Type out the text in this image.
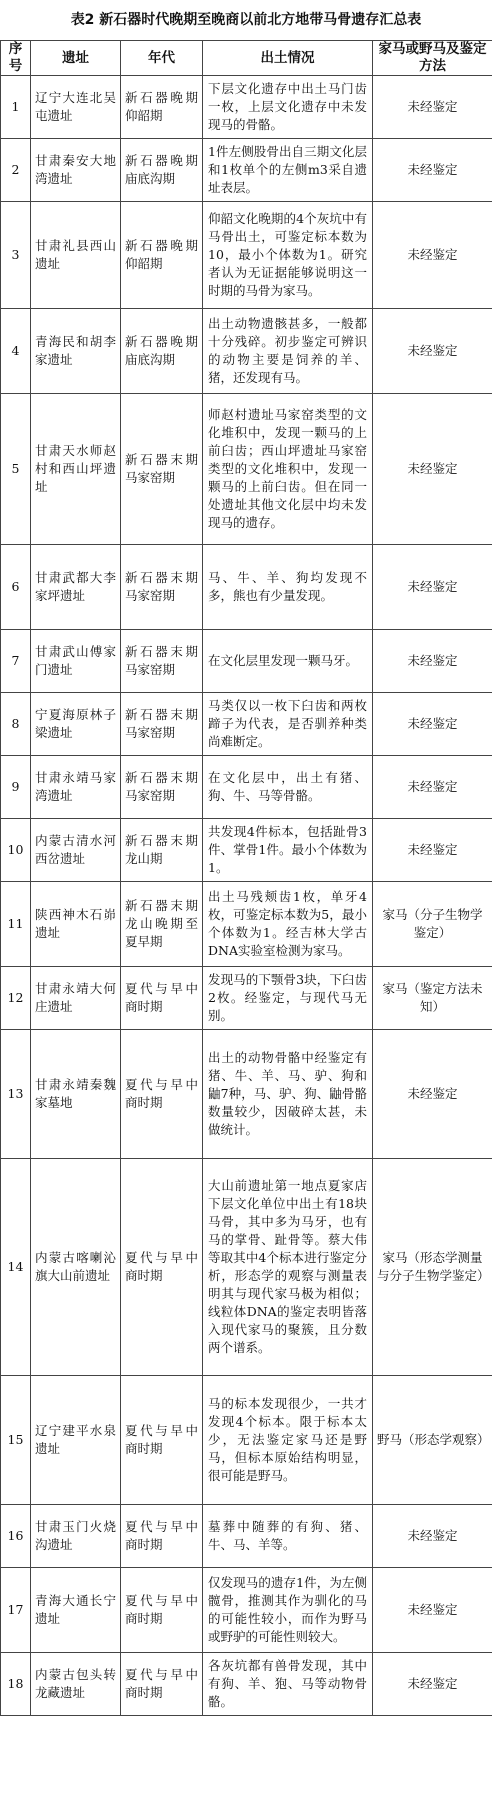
表2 新石器时代晚期至晚商以前北方地带马骨遗存汇总表
序号	遗址	年代	出土情况	家马或野马及鉴定方法
1	辽宁大连北吴屯遗址	新石器晚期仰韶期	下层文化遗存中出土马门齿一枚，上层文化遗存中未发现马的骨骼。	未经鉴定
2	甘肃秦安大地湾遗址	新石器晚期庙底沟期	1件左侧股骨出自三期文化层和1枚单个的左侧m3采自遗址表层。	未经鉴定
3	甘肃礼县西山遗址	新石器晚期仰韶期	仰韶文化晚期的4个灰坑中有马骨出土，可鉴定标本数为10，最小个体数为1。研究者认为无证据能够说明这一时期的马骨为家马。	未经鉴定
4	青海民和胡李家遗址	新石器晚期庙底沟期	出土动物遗骸甚多，一般都十分残碎。初步鉴定可辨识的动物主要是饲养的羊、猪，还发现有马。	未经鉴定
5	甘肃天水师赵村和西山坪遗址	新石器末期马家窑期	师赵村遗址马家窑类型的文化堆积中，发现一颗马的上前臼齿；西山坪遗址马家窑类型的文化堆积中，发现一颗马的上前臼齿。但在同一处遗址其他文化层中均未发现马的遗存。	未经鉴定
6	甘肃武都大李家坪遗址	新石器末期马家窑期	马、牛、羊、狗均发现不多，熊也有少量发现。	未经鉴定
7	甘肃武山傅家门遗址	新石器末期马家窑期	在文化层里发现一颗马牙。	未经鉴定
8	宁夏海原林子梁遗址	新石器末期马家窑期	马类仅以一枚下臼齿和两枚蹄子为代表，是否驯养种类尚难断定。	未经鉴定
9	甘肃永靖马家湾遗址	新石器末期马家窑期	在文化层中，出土有猪、狗、牛、马等骨骼。	未经鉴定
10	内蒙古清水河西岔遗址	新石器末期龙山期	共发现4件标本，包括趾骨3件、掌骨1件。最小个体数为1。	未经鉴定
11	陕西神木石峁遗址	新石器末期龙山晚期至夏早期	出土马残颊齿1枚，单牙4枚，可鉴定标本数为5，最小个体数为1。经吉林大学古DNA实验室检测为家马。	家马（分子生物学鉴定）
12	甘肃永靖大何庄遗址	夏代与早中商时期	发现马的下颚骨3块，下臼齿2枚。经鉴定，与现代马无别。	家马（鉴定方法未知）
13	甘肃永靖秦魏家墓地	夏代与早中商时期	出土的动物骨骼中经鉴定有猪、牛、羊、马、驴、狗和鼬7种，马、驴、狗、鼬骨骼数量较少，因破碎太甚，未做统计。	未经鉴定
14	内蒙古喀喇沁旗大山前遗址	夏代与早中商时期	大山前遗址第一地点夏家店下层文化单位中出土有18块马骨，其中多为马牙，也有马的掌骨、趾骨等。蔡大伟等取其中4个标本进行鉴定分析，形态学的观察与测量表明其与现代家马极为相似；线粒体DNA的鉴定表明皆落入现代家马的聚簇，且分数两个谱系。	家马（形态学测量与分子生物学鉴定）
15	辽宁建平水泉遗址	夏代与早中商时期	马的标本发现很少，一共才发现4个标本。限于标本太少，无法鉴定家马还是野马，但标本原始结构明显，很可能是野马。	野马（形态学观察）
16	甘肃玉门火烧沟遗址	夏代与早中商时期	墓葬中随葬的有狗、猪、牛、马、羊等。	未经鉴定
17	青海大通长宁遗址	夏代与早中商时期	仅发现马的遗存1件，为左侧髋骨，推测其作为驯化的马的可能性较小，而作为野马或野驴的可能性则较大。	未经鉴定
18	内蒙古包头转龙藏遗址	夏代与早中商时期	各灰坑都有兽骨发现，其中有狗、羊、狍、马等动物骨骼。	未经鉴定
